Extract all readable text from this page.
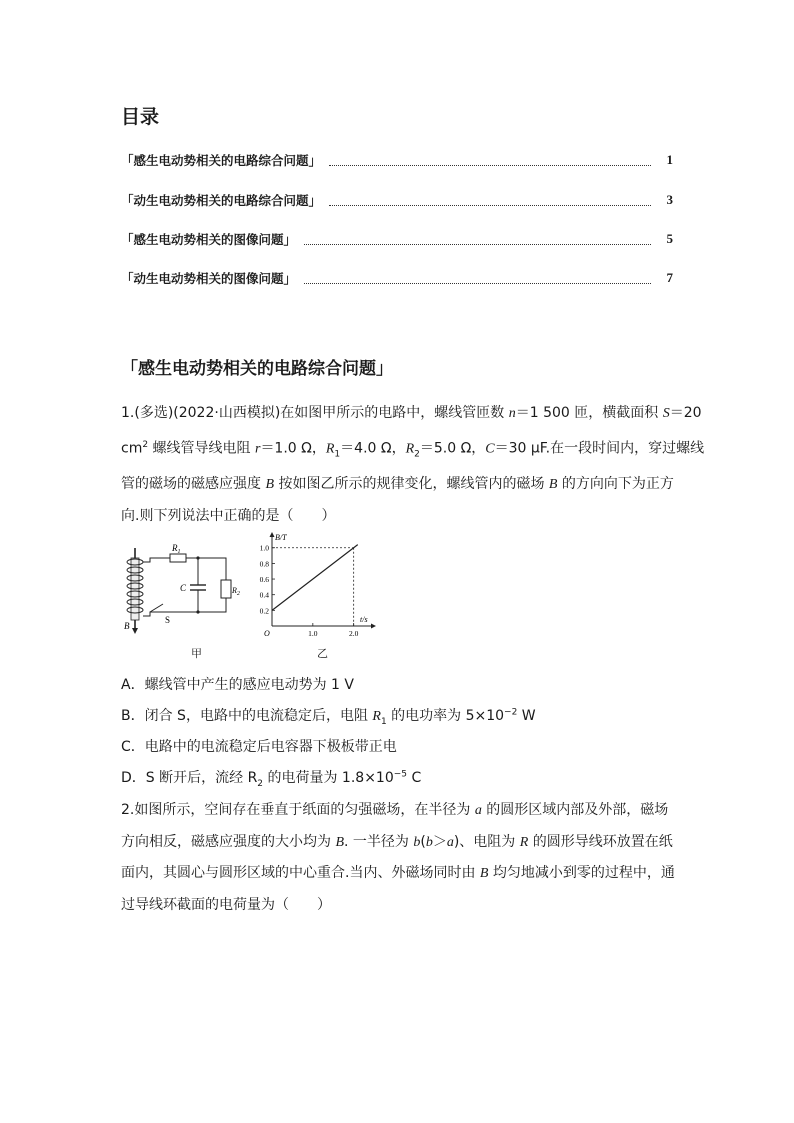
目录
「感生电动势相关的电路综合问题」	1
「动生电动势相关的电路综合问题」	3
「感生电动势相关的图像问题」	5
「动生电动势相关的图像问题」	7
「感生电动势相关的电路综合问题」
1.(多选)(2022·山西模拟)在如图甲所示的电路中，螺线管匝数 n＝1 500 匝，横截面积 S＝20
$cm^2$ 螺线管导线电阻 r＝1.0 Ω，$R_1=4.0$ Ω，$R_2=5.0$ Ω，C＝30 μF.在一段时间内，穿过螺线
管的磁场的磁感应强度 B 按如图乙所示的规律变化，螺线管内的磁场 B 的方向向下为正方
向.则下列说法中正确的是（　　）
B
$R_1$
$R_2$
C
S
甲
B/T
t/s
O
0.2
0.4
0.6
0.8
1.0
1.0	2.0
乙
A．螺线管中产生的感应电动势为 1 V
B．闭合 S，电路中的电流稳定后，电阻 $R_1$ 的电功率为 $5\times 10^{-2}$ W
C．电路中的电流稳定后电容器下极板带正电
D．S 断开后，流经 $R_2$ 的电荷量为 $1.8\times 10^{-5}$ C
2.如图所示，空间存在垂直于纸面的匀强磁场，在半径为 a 的圆形区域内部及外部，磁场
方向相反，磁感应强度的大小均为 B. 一半径为 b(b＞a)、电阻为 R 的圆形导线环放置在纸
面内，其圆心与圆形区域的中心重合.当内、外磁场同时由 B 均匀地减小到零的过程中，通
过导线环截面的电荷量为（　　）
